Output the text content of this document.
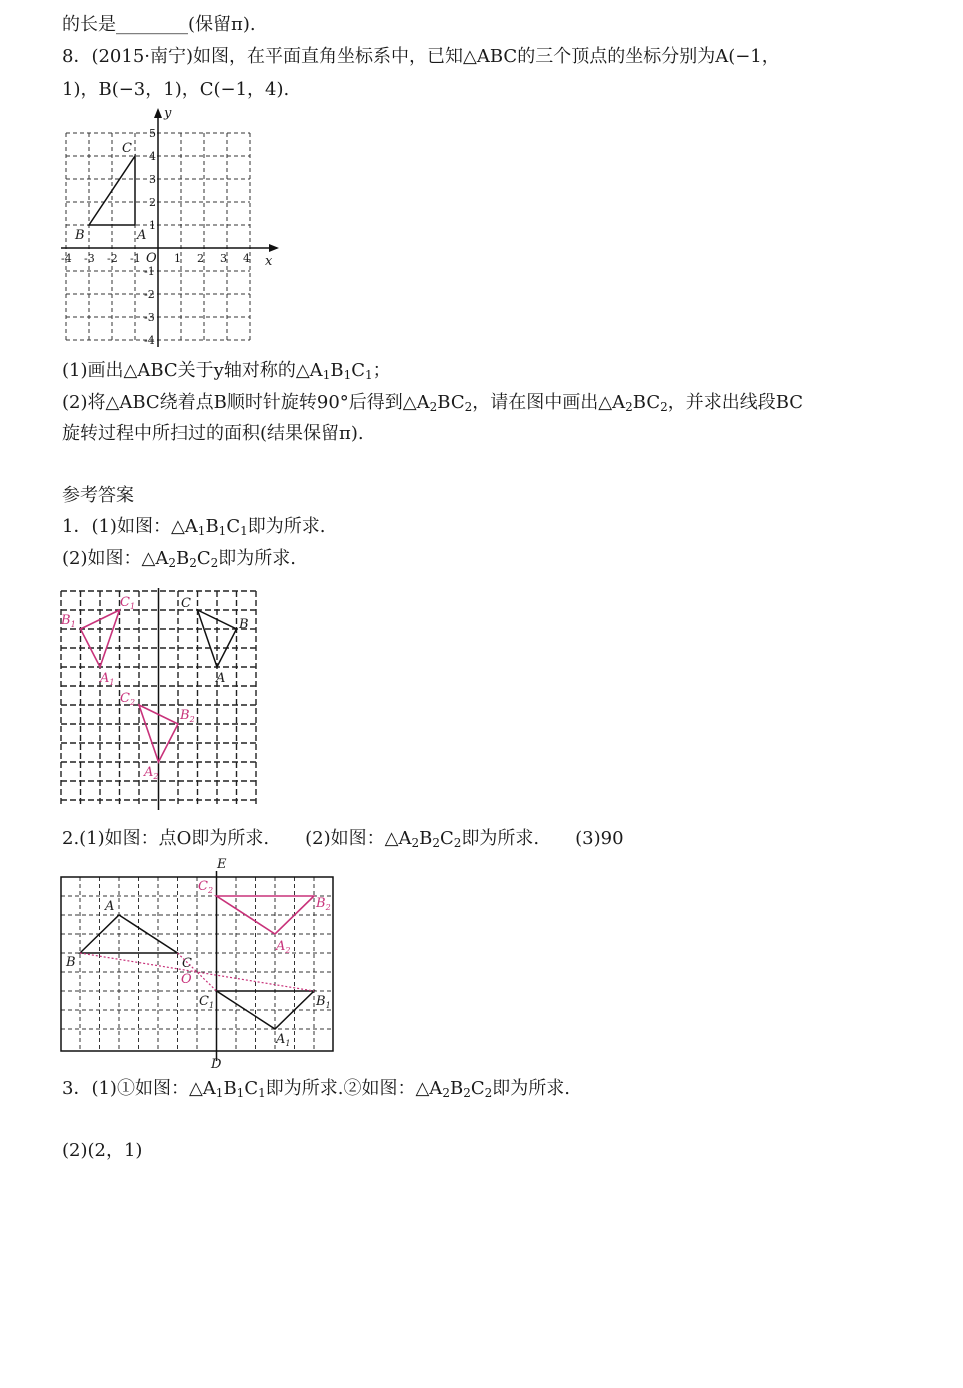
的长是________(保留π).
8．(2015·南宁)如图，在平面直角坐标系中，已知△ABC的三个顶点的坐标分别为A(−1，
1)，B(−3，1)，C(−1，4).
y
x
O
-4 -3 -2 -1	1 2 3 4
1
2
3
4
5
-1
-2
-3
-4
C
B	A
(1)画出△ABC关于y轴对称的$\triangle A_1B_1C_1$；
(2)将△ABC绕着点B顺时针旋转90°后得到$\triangle A_2BC_2$，请在图中画出$\triangle A_2BC_2$，并求出线段BC
旋转过程中所扫过的面积(结果保留π).
参考答案
1．(1)如图：$\triangle A_1B_1C_1$即为所求.
(2)如图：$\triangle A_2B_2C_2$即为所求.
C
B
A
$C_1$
$B_1$
$A_1$
$C_2$
$B_2$
$A_2$
2.(1)如图：点O即为所求.　　(2)如图：$\triangle A_2B_2C_2$即为所求.　　(3)90
E
D
A
B	C
$C_1$	$B_1$
$A_1$
$C_2$
$B_2$
$A_2$
O
3．(1)①如图：$\triangle A_1B_1C_1$即为所求.②如图：$\triangle A_2B_2C_2$即为所求.
(2)(2，1)
